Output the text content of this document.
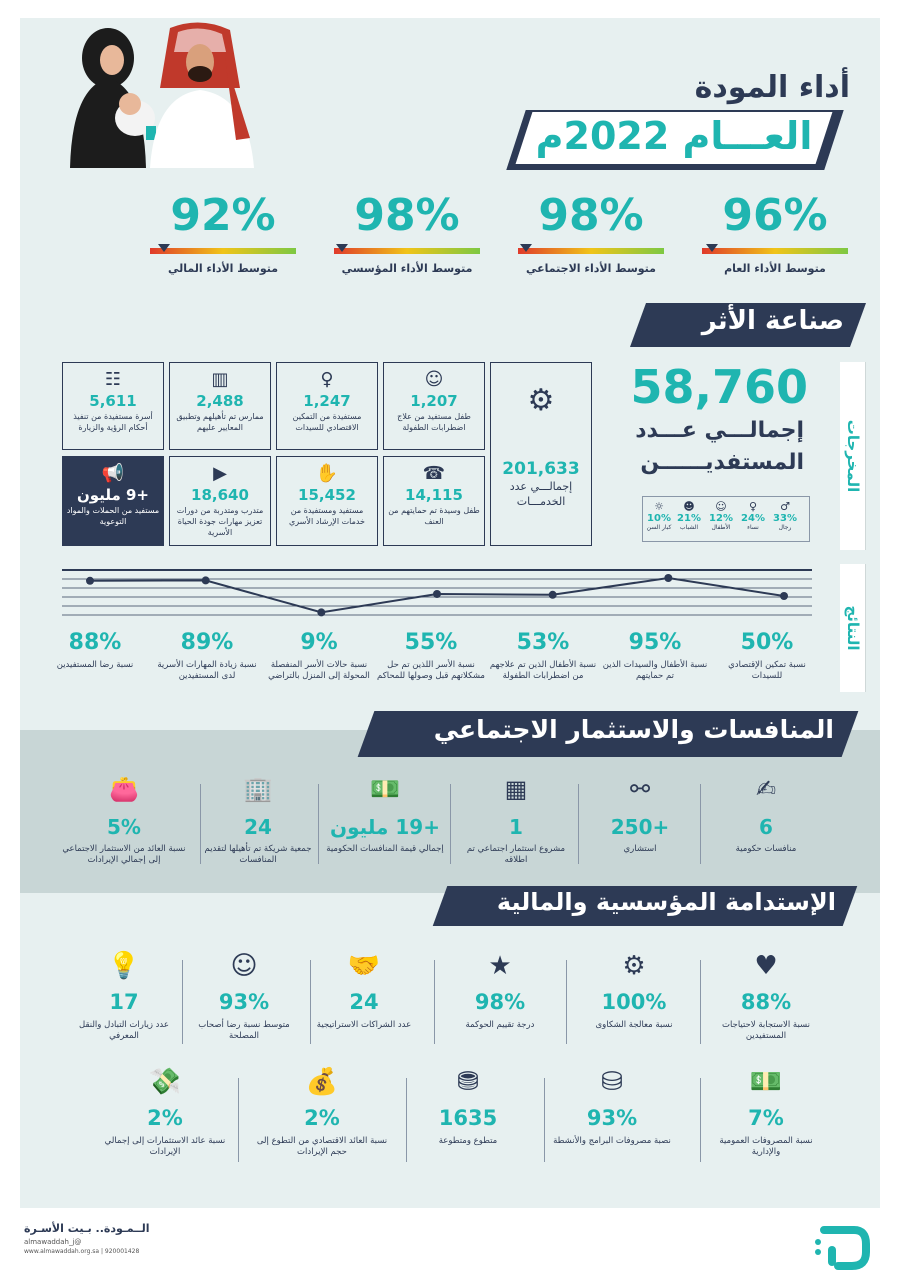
أداء المودة
العـــام 2022م
96%
متوسط الأداء العام
98%
متوسط الأداء الاجتماعي
98%
متوسط الأداء المؤسسي
92%
متوسط الأداء المالي
صناعة الأثر
المخرجات
58,760
إجمالـــي عـــدد
المستفديــــــن
♂
33%
رجال
♀
24%
نساء
☺
12%
الأطفال
☻
21%
الشباب
☼
10%
كبار السن
⚙
201,633
إجمالـــي عدد
الخدمـــات
☺
1,207
طفل مستفيد من علاج اضطرابات الطفولة
♀
1,247
مستفيدة من التمكين الاقتصادي للسيدات
▥
2,488
ممارس تم تأهيلهم وتطبيق المعايير عليهم
☷
5,611
أسرة مستفيدة من تنفيذ أحكام الرؤية والزيارة
☎
14,115
طفل وسيدة تم حمايتهم من العنف
✋
15,452
مستفيد ومستفيدة من خدمات الإرشاد الأسري
▶
18,640
متدرب ومتدربة من دورات تعزيز مهارات جودة الحياة الأسرية
📢
+9 مليون
مستفيد من الحملات والمواد التوعوية
النتائج
50%
نسبة تمكين الإقتصادي للسيدات
95%
نسبة الأطفال والسيدات الذين تم حمايتهم
53%
نسبة الأطفال الذين تم علاجهم من اضطرابات الطفولة
55%
نسبة الأسر اللذين تم حل مشكلاتهم قبل وصولها للمحاكم
9%
نسبة حالات الأسر المنفصلة المحولة إلى المنزل بالتراضي
89%
نسبة زيادة المهارات الأسرية لدى المستفيدين
88%
نسبة رضا المستفيدين
المنافسات والاستثمار الاجتماعي
✍
6
منافسات حكومية
⚯
+250
استشاري
▦
1
مشروع استثمار اجتماعي تم اطلاقه
💵
+19 مليون
إجمالي قيمة المنافسات الحكومية
🏢
24
جمعية شريكة تم تأهيلها لتقديم المنافسات
👛
5%
نسبة العائد من الاستثمار الاجتماعي إلى إجمالي الإيرادات
الإستدامة المؤسسية والمالية
♥
88%
نسبة الاستجابة لاحتياجات المستفيدين
⚙
100%
نسبة معالجة الشكاوى
★
98%
درجة تقييم الحوكمة
🤝
24
عدد الشراكات الاستراتيجية
☺
93%
متوسط نسبة رضا أصحاب المصلحة
💡
17
عدد زيارات التبادل والنقل المعرفي
💵
7%
نسبة المصروفات العمومية والإدارية
⛁
93%
نصبة مصروفات البرامج والأنشطة
⛃
1635
متطوع ومتطوعة
💰
2%
نسبة العائد الاقتصادي من التطوع إلى حجم الإيرادات
💸
2%
نسبة عائد الاستثمارات إلى إجمالي الإيرادات
الــمـودة.. بـيت الأسـرة
@almawaddah_j
www.almawaddah.org.sa | 920001428
